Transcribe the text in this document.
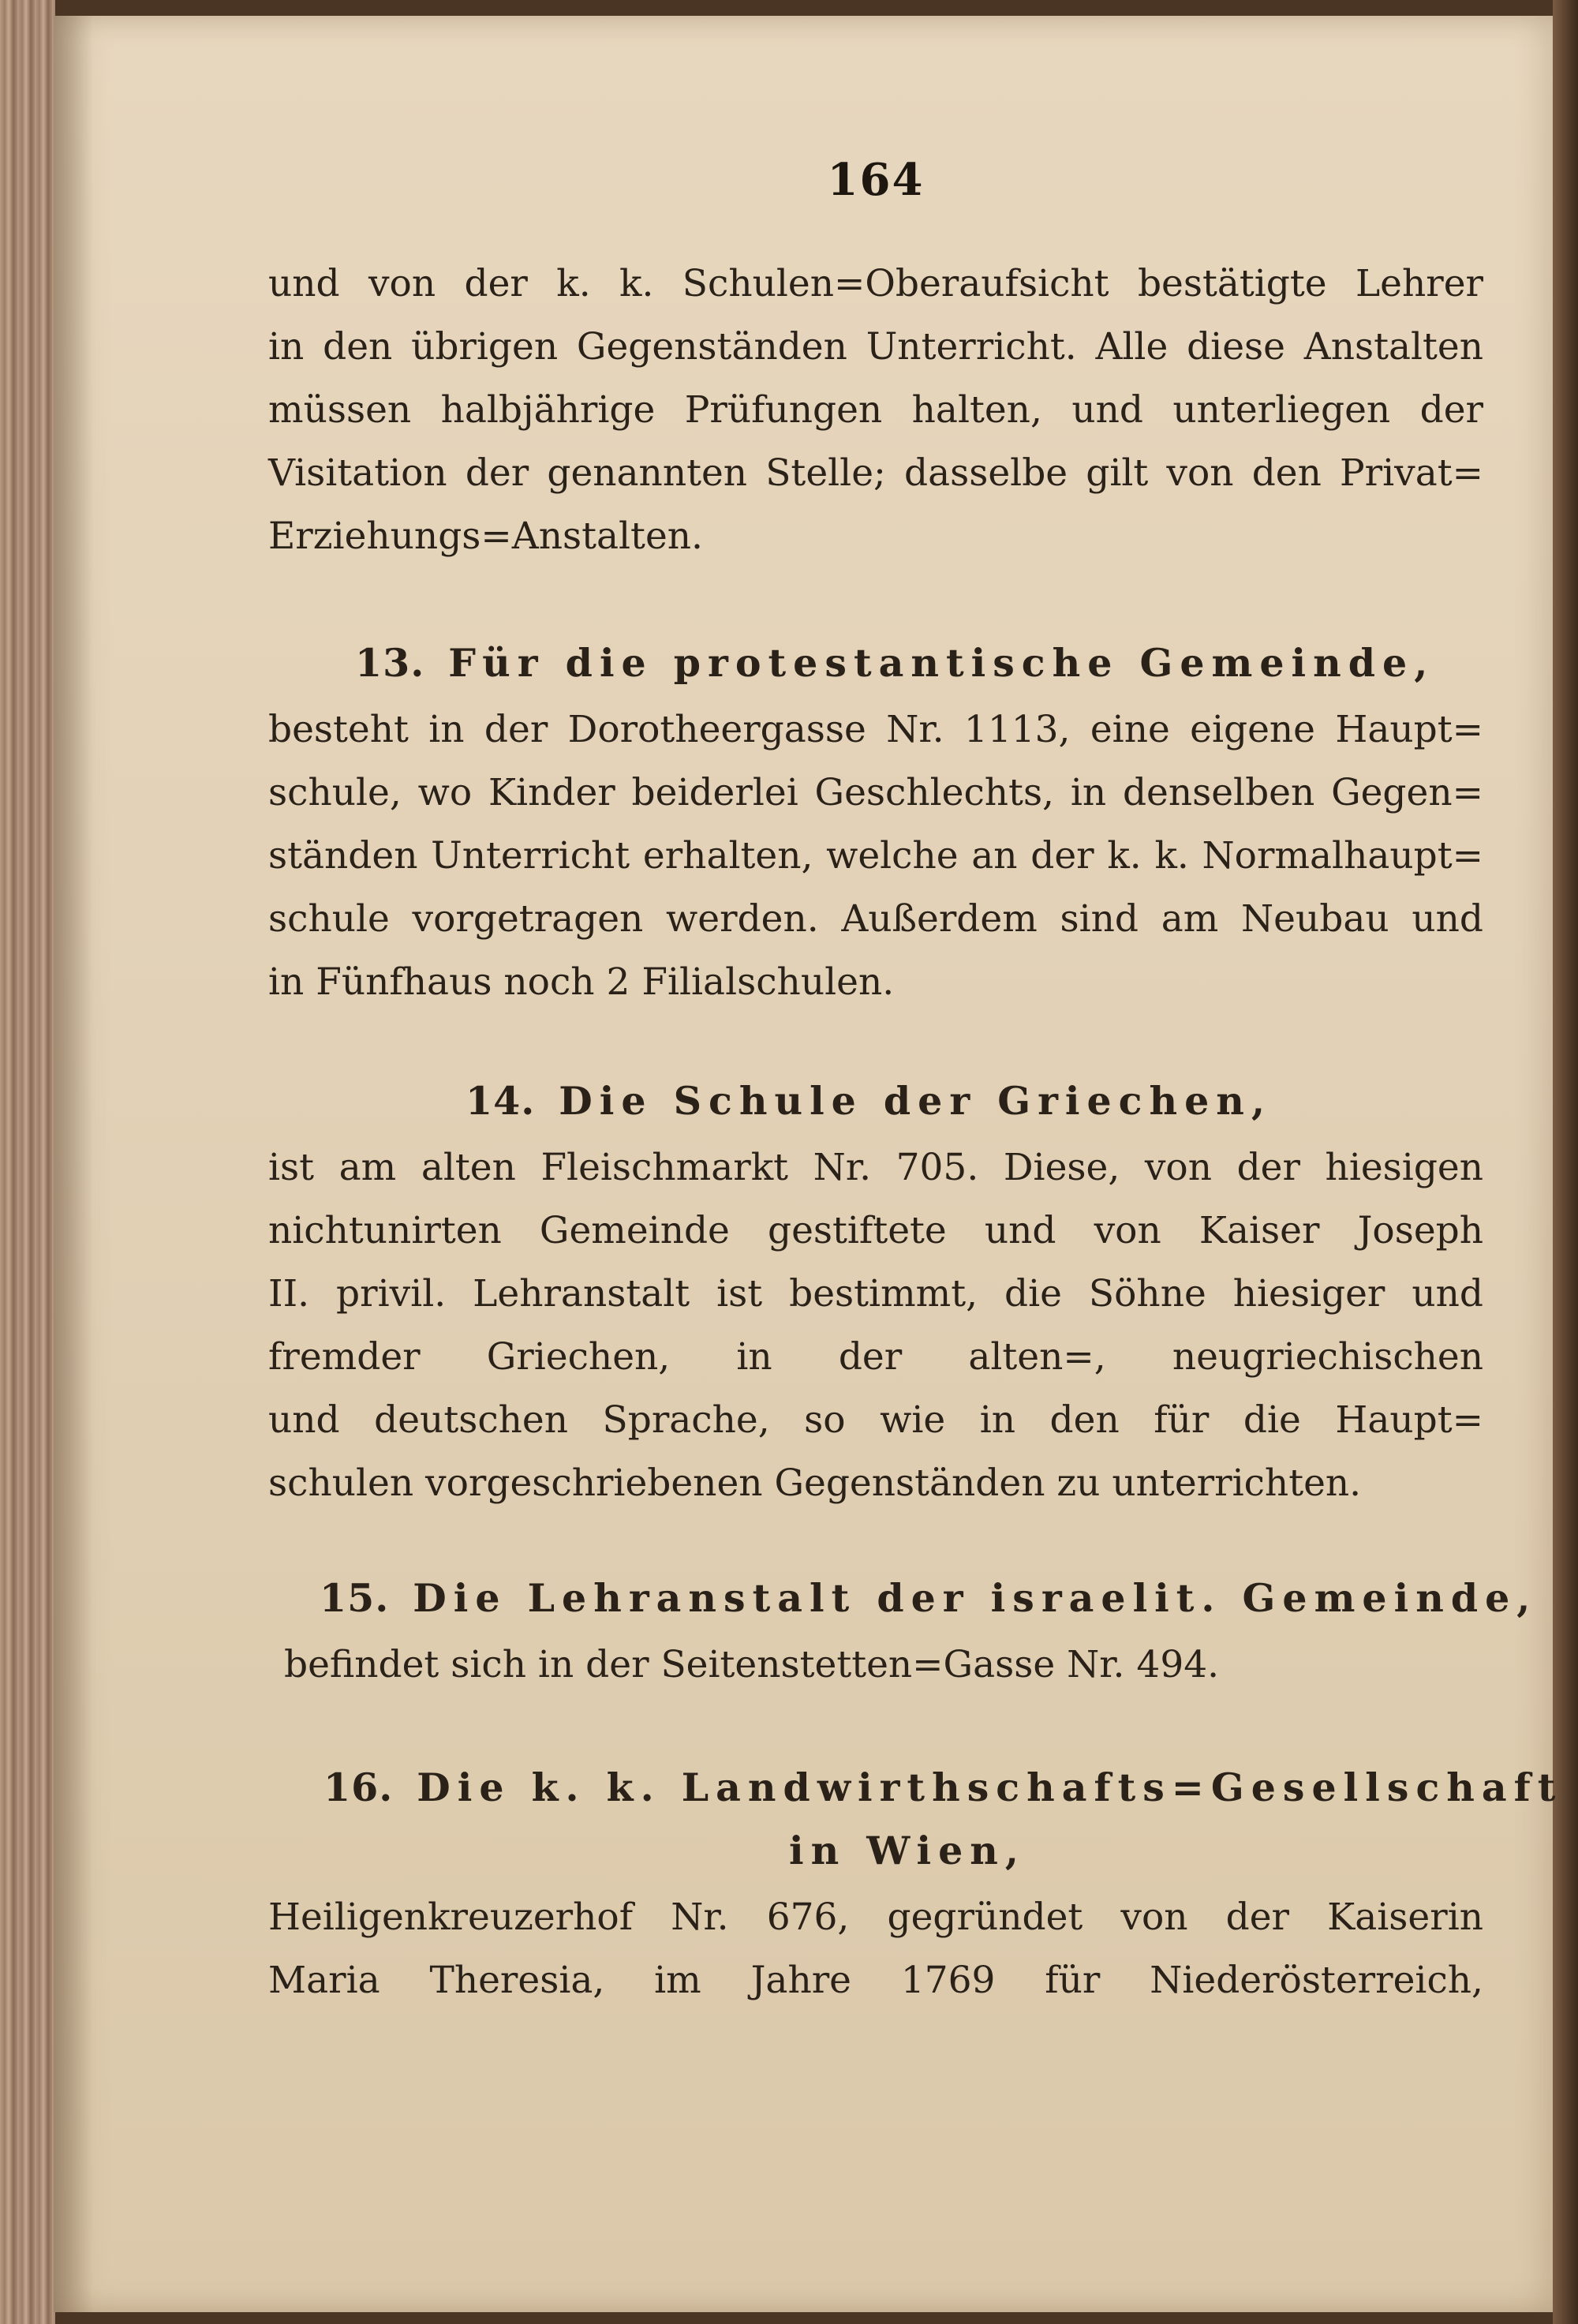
164
und von der k. k. Schulen=Oberaufsicht bestätigte Lehrer
in den übrigen Gegenständen Unterricht. Alle diese Anstalten
müssen halbjährige Prüfungen halten, und unterliegen der
Visitation der genannten Stelle; dasselbe gilt von den Privat=
Erziehungs=Anstalten.
13. Für die protestantische Gemeinde,
besteht in der Dorotheergasse Nr. 1113, eine eigene Haupt=
schule, wo Kinder beiderlei Geschlechts, in denselben Gegen=
ständen Unterricht erhalten, welche an der k. k. Normalhaupt=
schule vorgetragen werden. Außerdem sind am Neubau und
in Fünfhaus noch 2 Filialschulen.
14. Die Schule der Griechen,
ist am alten Fleischmarkt Nr. 705. Diese, von der hiesigen
nichtunirten Gemeinde gestiftete und von Kaiser Joseph
II. privil. Lehranstalt ist bestimmt, die Söhne hiesiger und
fremder Griechen, in der alten=, neugriechischen
und deutschen Sprache, so wie in den für die Haupt=
schulen vorgeschriebenen Gegenständen zu unterrichten.
15. Die Lehranstalt der israelit. Gemeinde,
befindet sich in der Seitenstetten=Gasse Nr. 494.
16. Die k. k. Landwirthschafts=Gesellschaft
in Wien,
Heiligenkreuzerhof Nr. 676, gegründet von der Kaiserin
Maria Theresia, im Jahre 1769 für Niederösterreich,
